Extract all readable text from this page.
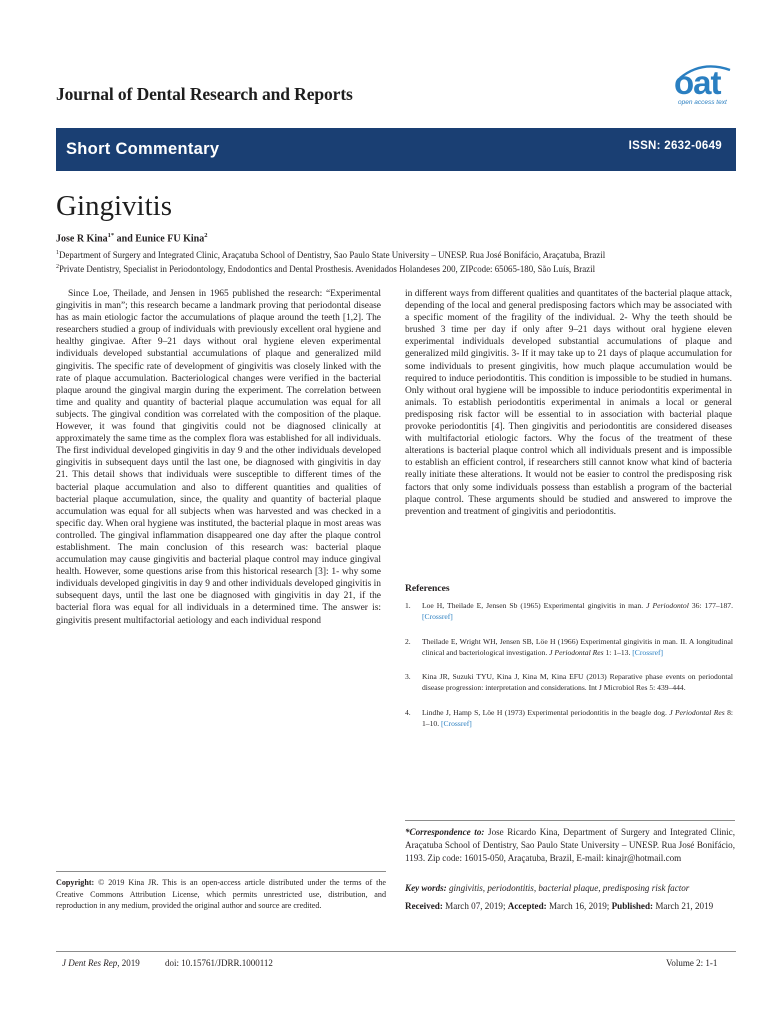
Journal of Dental Research and Reports	oat
open access text
Short Commentary	ISSN: 2632-0649
Gingivitis
Jose R Kina$^{1*}$ and Eunice FU Kina$^2$
$^1$Department of Surgery and Integrated Clinic, Araçatuba School of Dentistry, Sao Paulo State University – UNESP. Rua José Bonifácio, Araçatuba, Brazil
$^2$Private Dentistry, Specialist in Periodontology, Endodontics and Dental Prosthesis. Avenidados Holandeses 200, ZIPcode: 65065-180, São Luís, Brazil
Since Loe, Theilade, and Jensen in 1965 published the research: “Experimental gingivitis in man”; this research became a landmark proving that periodontal disease has as main etiologic factor the accumulations of plaque around the teeth [1,2]. The researchers studied a group of individuals with previously excellent oral hygiene and healthy gingivae. After 9–21 days without oral hygiene eleven experimental individuals developed substantial accumulations of plaque and generalized mild gingivitis. The specific rate of development of gingivitis was closely linked with the rate of plaque accumulation. Bacteriological changes were verified in the bacterial plaque around the gingival margin during the experiment. The correlation between time and quality and quantity of bacterial plaque accumulation was equal for all subjects. The gingival condition was correlated with the composition of the plaque. However, it was found that gingivitis could not be diagnosed clinically at approximately the same time as the complex flora was established for all individuals. The first individual developed gingivitis in day 9 and the other individuals developed gingivitis in subsequent days until the last one, be diagnosed with gingivitis in day 21. This detail shows that individuals were susceptible to different times of the bacterial plaque accumulation and also to different quantities and qualities of bacterial plaque accumulation, since, the quality and quantity of bacterial plaque accumulation was equal for all subjects when was harvested and was checked in a specific day. When oral hygiene was instituted, the bacterial plaque in most areas was controlled. The gingival inflammation disappeared one day after the plaque control establishment. The main conclusion of this research was: bacterial plaque accumulation may cause gingivitis and bacterial plaque control may induce gingival health. However, some questions arise from this historical research [3]: 1- why some individuals developed gingivitis in day 9 and other individuals developed gingivitis in subsequent days, until the last one be diagnosed with gingivitis in day 21, if the bacterial flora was equal for all individuals in a determined time. The answer is: gingivitis present multifactorial aetiology and each individual respond
in different ways from different qualities and quantitates of the bacterial plaque attack, depending of the local and general predisposing factors which may be associated with a specific moment of the fragility of the individual. 2- Why the teeth should be brushed 3 time per day if only after 9–21 days without oral hygiene eleven experimental individuals developed substantial accumulations of plaque and generalized mild gingivitis. 3- If it may take up to 21 days of plaque accumulation for some individuals to present gingivitis, how much plaque accumulation would be required to induce periodontitis. This condition is impossible to be studied in humans. Only without oral hygiene will be impossible to induce periodontitis experimental in animals. To establish periodontitis experimental in animals a local or general predisposing risk factor will be essential to in association with bacterial plaque provoke periodontitis [4]. Then gingivitis and periodontitis are considered diseases with multifactorial etiologic factors. Why the focus of the treatment of these alterations is bacterial plaque control which all individuals present and is impossible to establish an efficient control, if researchers still cannot know what kind of bacteria really initiate these alterations. It would not be easier to control the predisposing risk factors that only some individuals possess than establish a program of the bacterial plaque control. These arguments should be studied and answered to improve the prevention and treatment of gingivitis and periodontitis.
References
1. Loe H, Theilade E, Jensen Sb (1965) Experimental gingivitis in man. J Periodontol 36: 177–187. [Crossref]
2. Theilade E, Wright WH, Jensen SB, Löe H (1966) Experimental gingivitis in man. II. A longitudinal clinical and bacteriological investigation. J Periodontal Res 1: 1–13. [Crossref]
3. Kina JR, Suzuki TYU, Kina J, Kina M, Kina EFU (2013) Reparative phase events on periodontal disease progression: interpretation and considerations. Int J Microbiol Res 5: 439–444.
4. Lindhe J, Hamp S, Löe H (1973) Experimental periodontitis in the beagle dog. J Periodontal Res 8: 1–10. [Crossref]
*Correspondence to: Jose Ricardo Kina, Department of Surgery and Integrated Clinic, Araçatuba School of Dentistry, Sao Paulo State University – UNESP. Rua José Bonifácio, 1193. Zip code: 16015-050, Araçatuba, Brazil, E-mail: kinajr@hotmail.com
Key words: gingivitis, periodontitis, bacterial plaque, predisposing risk factor
Received: March 07, 2019; Accepted: March 16, 2019; Published: March 21, 2019
Copyright: © 2019 Kina JR. This is an open-access article distributed under the terms of the Creative Commons Attribution License, which permits unrestricted use, distribution, and reproduction in any medium, provided the original author and source are credited.
J Dent Res Rep, 2019	doi: 10.15761/JDRR.1000112	Volume 2: 1-1
